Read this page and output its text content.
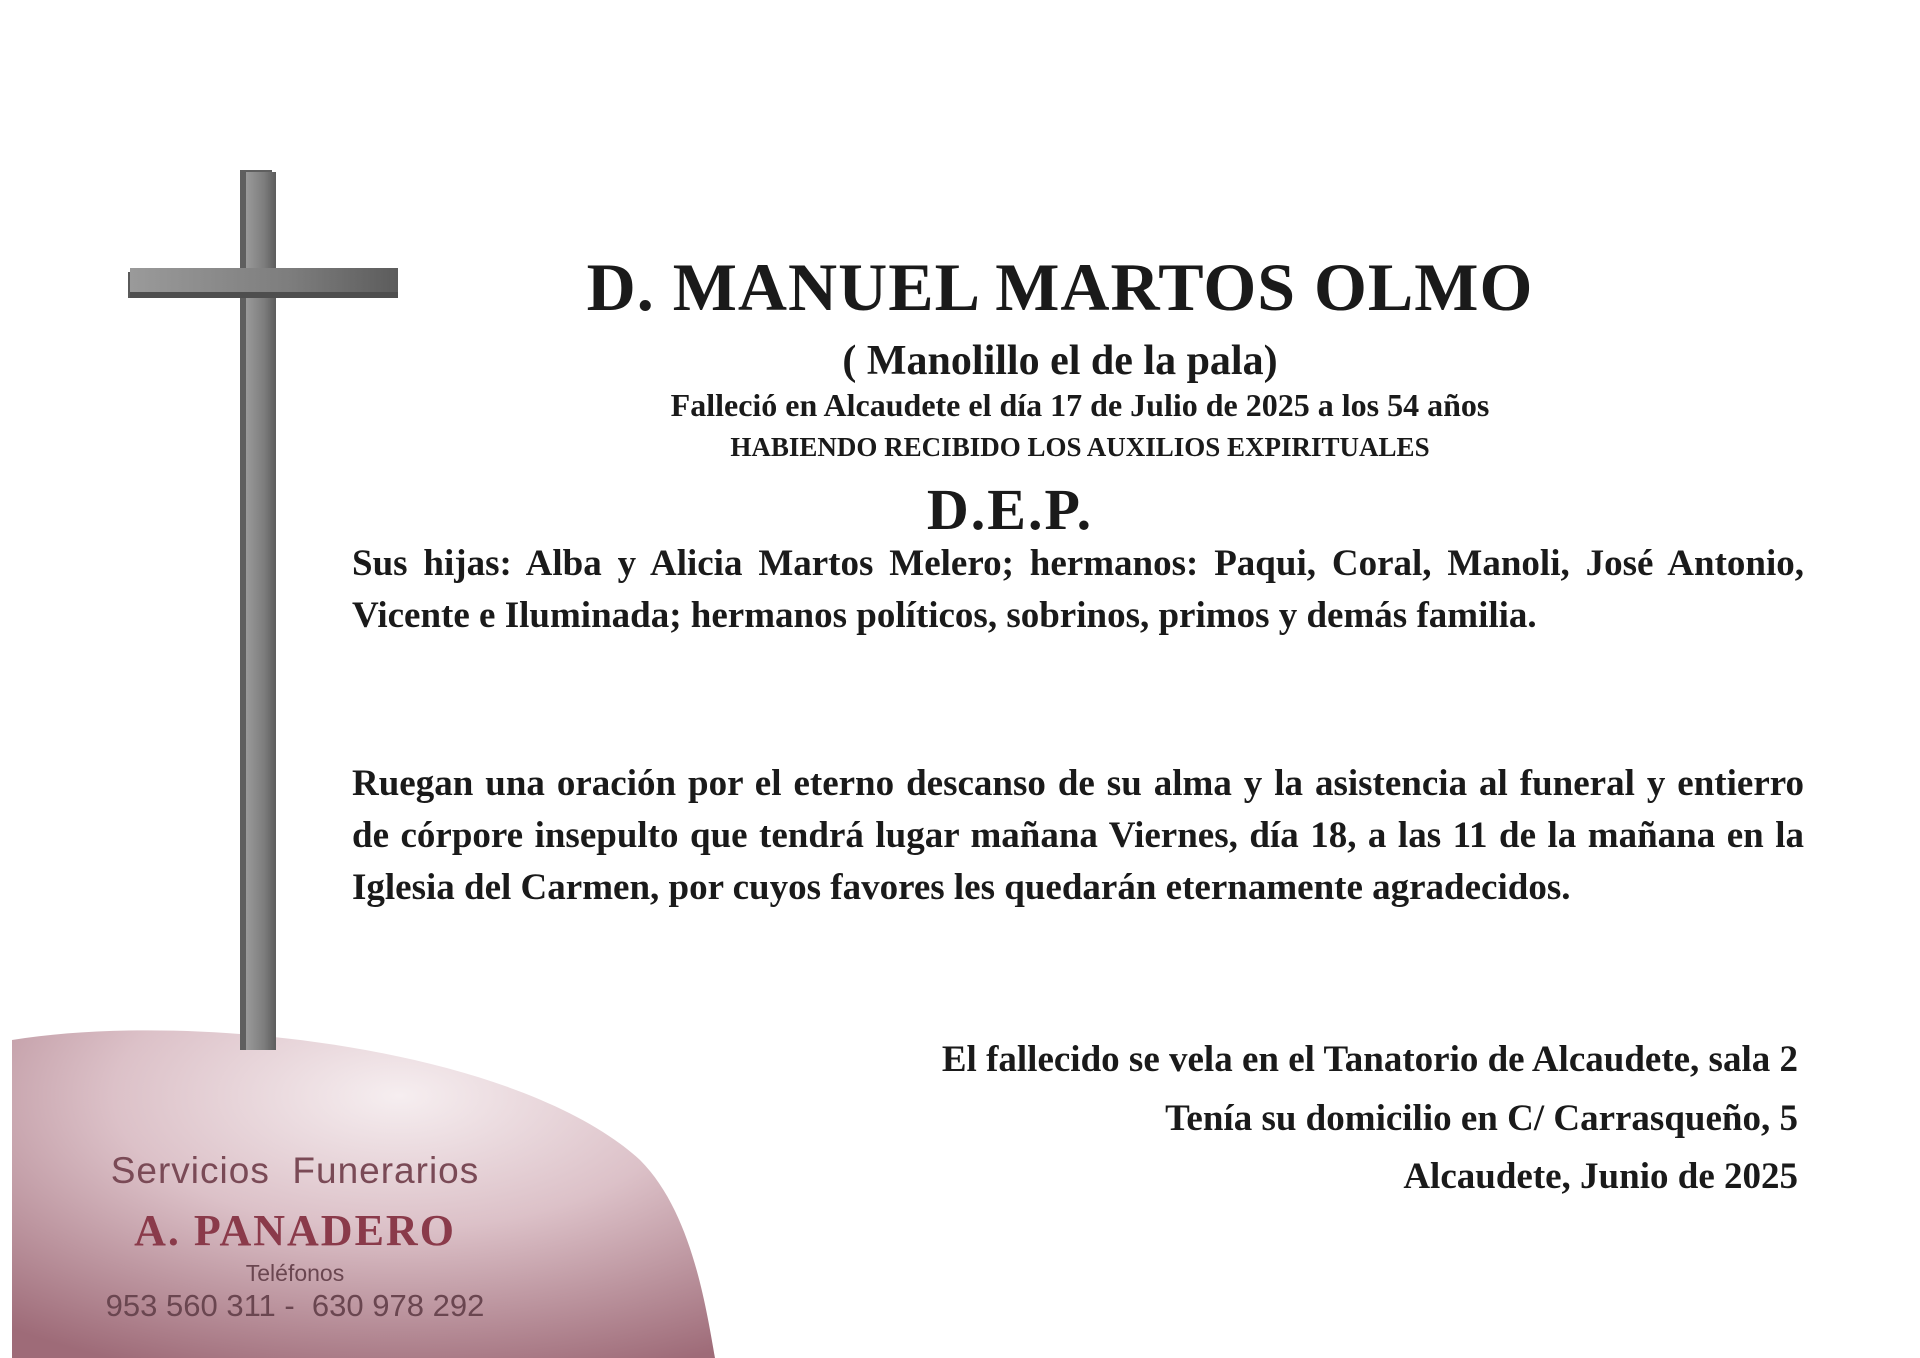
D. MANUEL MARTOS OLMO
( Manolillo el de la pala)
Falleció en Alcaudete el día 17 de Julio de 2025 a los 54 años
HABIENDO RECIBIDO LOS AUXILIOS EXPIRITUALES
D.E.P.

Sus hijas: Alba y Alicia Martos Melero; hermanos: Paqui, Coral, Manoli, José Antonio, Vicente e Iluminada; hermanos políticos, sobrinos, primos y demás familia.

Ruegan una oración por el eterno descanso de su alma y la asistencia al funeral y entierro de córpore insepulto que tendrá lugar mañana Viernes, día 18, a las 11 de la mañana en la Iglesia del Carmen, por cuyos favores les quedarán eternamente agradecidos.

El fallecido se vela en el Tanatorio de Alcaudete, sala 2
Tenía su domicilio en C/ Carrasqueño, 5
Alcaudete, Junio de 2025
Servicios  Funerarios
A. PANADERO
Teléfonos
953 560 311 -  630 978 292
